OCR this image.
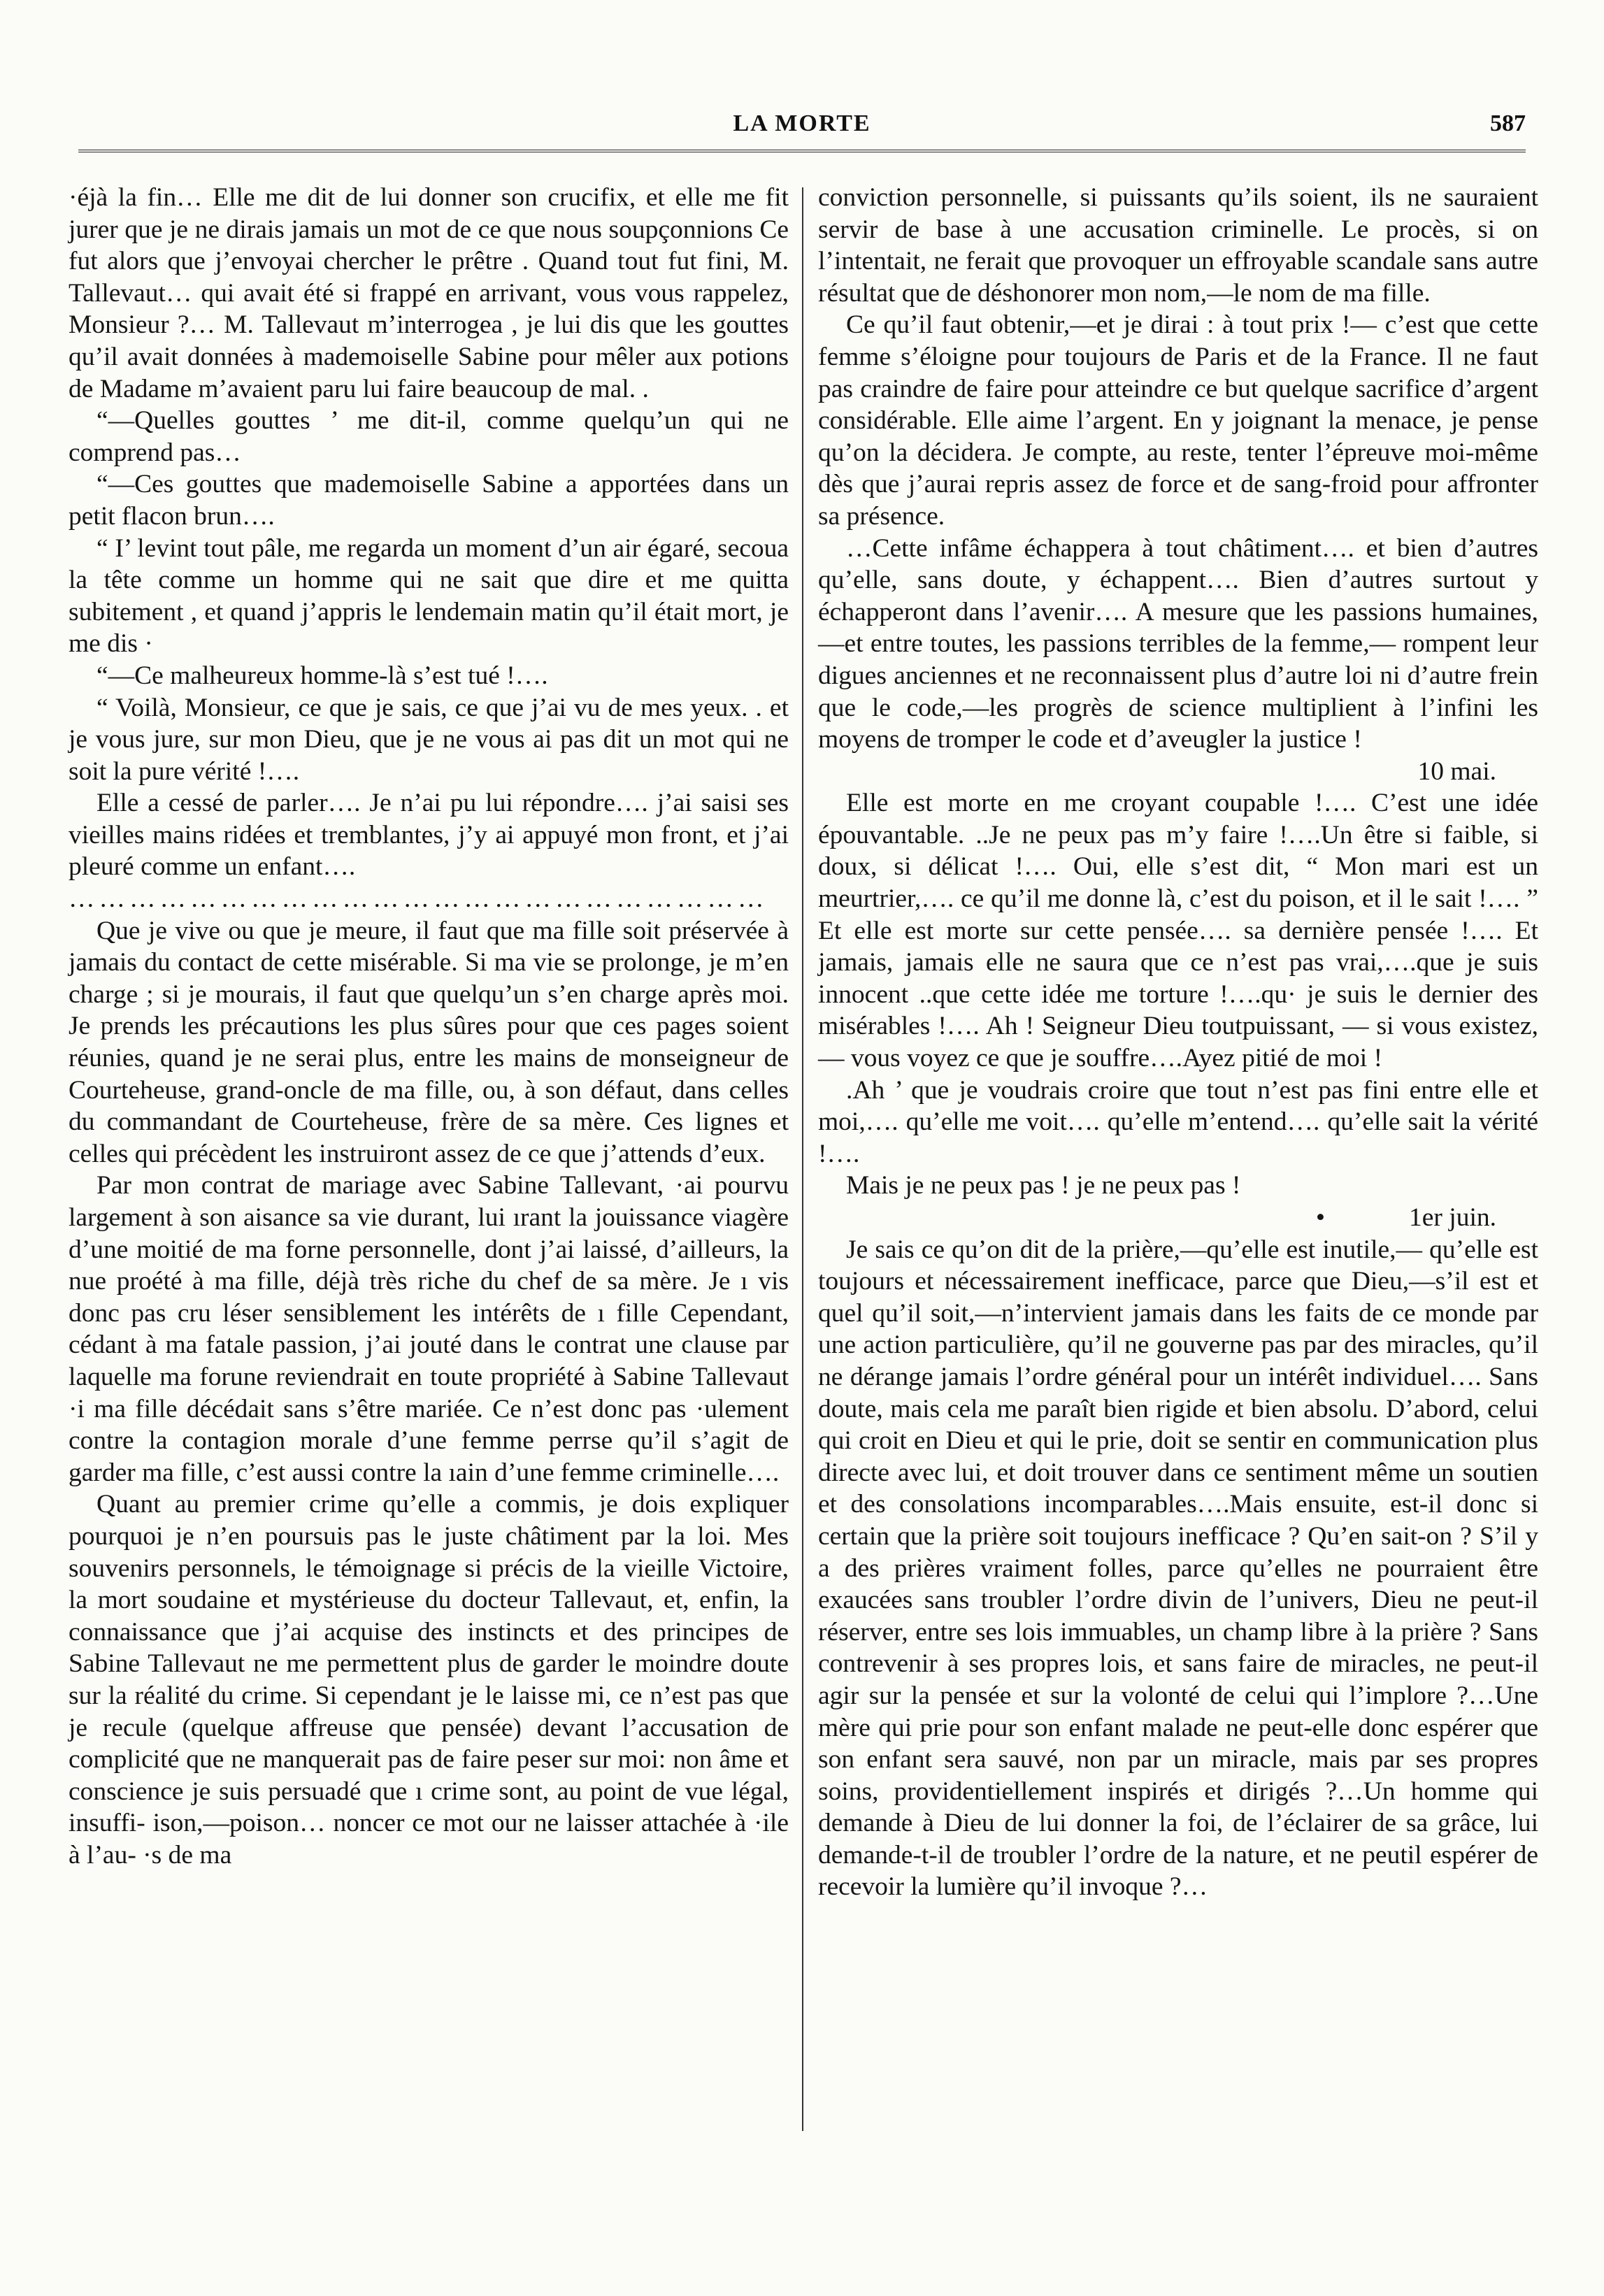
LA MORTE	587

·éjà la fin… Elle me dit de lui donner son crucifix, et elle me fit jurer que je ne dirais jamais un mot de ce que nous soupçonnions Ce fut alors que j’envoyai chercher le prêtre . Quand tout fut fini, M. Tallevaut… qui avait été si frappé en arrivant, vous vous rappelez, Monsieur ?… M. Tallevaut m’interrogea , je lui dis que les gouttes qu’il avait données à mademoiselle Sabine pour mêler aux potions de Madame m’avaient paru lui faire beaucoup de mal. .

“—Quelles gouttes ’ me dit-il, comme quelqu’un qui ne comprend pas…

“—Ces gouttes que mademoiselle Sabine a apportées dans un petit flacon brun….

“ I’ levint tout pâle, me regarda un moment d’un air égaré, secoua la tête comme un homme qui ne sait que dire et me quitta subitement , et quand j’appris le lendemain matin qu’il était mort, je me dis ·

“—Ce malheureux homme-là s’est tué !….

“ Voilà, Monsieur, ce que je sais, ce que j’ai vu de mes yeux. . et je vous jure, sur mon Dieu, que je ne vous ai pas dit un mot qui ne soit la pure vérité !….

Elle a cessé de parler…. Je n’ai pu lui répondre…. j’ai saisi ses vieilles mains ridées et tremblantes, j’y ai appuyé mon front, et j’ai pleuré comme un enfant….

……………………………………………………………

Que je vive ou que je meure, il faut que ma fille soit préservée à jamais du contact de cette misérable. Si ma vie se prolonge, je m’en charge ; si je mourais, il faut que quelqu’un s’en charge après moi. Je prends les précautions les plus sûres pour que ces pages soient réunies, quand je ne serai plus, entre les mains de monseigneur de Courteheuse, grand-oncle de ma fille, ou, à son défaut, dans celles du commandant de Courteheuse, frère de sa mère. Ces lignes et celles qui précèdent les instruiront assez de ce que j’attends d’eux.

Par mon contrat de mariage avec Sabine Tallevant, ·ai pourvu largement à son aisance sa vie durant, lui ırant la jouissance viagère d’une moitié de ma forne personnelle, dont j’ai laissé, d’ailleurs, la nue proété à ma fille, déjà très riche du chef de sa mère. Je ı vis donc pas cru léser sensiblement les intérêts de ı fille Cependant, cédant à ma fatale passion, j’ai jouté dans le contrat une clause par laquelle ma forune reviendrait en toute propriété à Sabine Tallevaut ·i ma fille décédait sans s’être mariée. Ce n’est donc pas ·ulement contre la contagion morale d’une femme perrse qu’il s’agit de garder ma fille, c’est aussi contre la ıain d’une femme criminelle….

Quant au premier crime qu’elle a commis, je dois expliquer pourquoi je n’en poursuis pas le juste châtiment par la loi. Mes souvenirs personnels, le témoignage si précis de la vieille Victoire, la mort soudaine et mystérieuse du docteur Tallevaut, et, enfin, la connaissance que j’ai acquise des instincts et des principes de Sabine Tallevaut ne me permettent plus de garder le moindre doute sur la réalité du crime. Si cependant je le laisse mi, ce n’est pas que je recule (quelque affreuse que pensée) devant l’accusation de complicité que ne manquerait pas de faire peser sur moi: non âme et conscience je suis persuadé que ı crime sont, au point de vue légal, insuffi- ison,—poison… noncer ce mot our ne laisser attachée à ·ile à l’au- ·s de ma

conviction personnelle, si puissants qu’ils soient, ils ne sauraient servir de base à une accusation criminelle. Le procès, si on l’intentait, ne ferait que provoquer un effroyable scandale sans autre résultat que de déshonorer mon nom,—le nom de ma fille.

Ce qu’il faut obtenir,—et je dirai : à tout prix !— c’est que cette femme s’éloigne pour toujours de Paris et de la France. Il ne faut pas craindre de faire pour atteindre ce but quelque sacrifice d’argent considérable. Elle aime l’argent. En y joignant la menace, je pense qu’on la décidera. Je compte, au reste, tenter l’épreuve moi-même dès que j’aurai repris assez de force et de sang-froid pour affronter sa présence.

…Cette infâme échappera à tout châtiment…. et bien d’autres qu’elle, sans doute, y échappent…. Bien d’autres surtout y échapperont dans l’avenir…. A mesure que les passions humaines,—et entre toutes, les passions terribles de la femme,— rompent leur digues anciennes et ne reconnaissent plus d’autre loi ni d’autre frein que le code,—les progrès de science multiplient à l’infini les moyens de tromper le code et d’aveugler la justice !

10 mai.

Elle est morte en me croyant coupable !…. C’est une idée épouvantable. ..Je ne peux pas m’y faire !….Un être si faible, si doux, si délicat !…. Oui, elle s’est dit, “ Mon mari est un meurtrier,…. ce qu’il me donne là, c’est du poison, et il le sait !…. ” Et elle est morte sur cette pensée…. sa dernière pensée !…. Et jamais, jamais elle ne saura que ce n’est pas vrai,….que je suis innocent ..que cette idée me torture !….qu· je suis le dernier des misérables !…. Ah ! Seigneur Dieu toutpuissant, — si vous existez, — vous voyez ce que je souffre….Ayez pitié de moi !

.Ah ’ que je voudrais croire que tout n’est pas fini entre elle et moi,…. qu’elle me voit…. qu’elle m’entend…. qu’elle sait la vérité !….

Mais je ne peux pas ! je ne peux pas !

•	1er juin.

Je sais ce qu’on dit de la prière,—qu’elle est inutile,— qu’elle est toujours et nécessairement inefficace, parce que Dieu,—s’il est et quel qu’il soit,—n’intervient jamais dans les faits de ce monde par une action particulière, qu’il ne gouverne pas par des miracles, qu’il ne dérange jamais l’ordre général pour un intérêt individuel…. Sans doute, mais cela me paraît bien rigide et bien absolu. D’abord, celui qui croit en Dieu et qui le prie, doit se sentir en communication plus directe avec lui, et doit trouver dans ce sentiment même un soutien et des consolations incomparables….Mais ensuite, est-il donc si certain que la prière soit toujours inefficace ? Qu’en sait-on ? S’il y a des prières vraiment folles, parce qu’elles ne pourraient être exaucées sans troubler l’ordre divin de l’univers, Dieu ne peut-il réserver, entre ses lois immuables, un champ libre à la prière ? Sans contrevenir à ses propres lois, et sans faire de miracles, ne peut-il agir sur la pensée et sur la volonté de celui qui l’implore ?…Une mère qui prie pour son enfant malade ne peut-elle donc espérer que son enfant sera sauvé, non par un miracle, mais par ses propres soins, providentiellement inspirés et dirigés ?…Un homme qui demande à Dieu de lui donner la foi, de l’éclairer de sa grâce, lui demande-t-il de troubler l’ordre de la nature, et ne peutil espérer de recevoir la lumière qu’il invoque ?…
